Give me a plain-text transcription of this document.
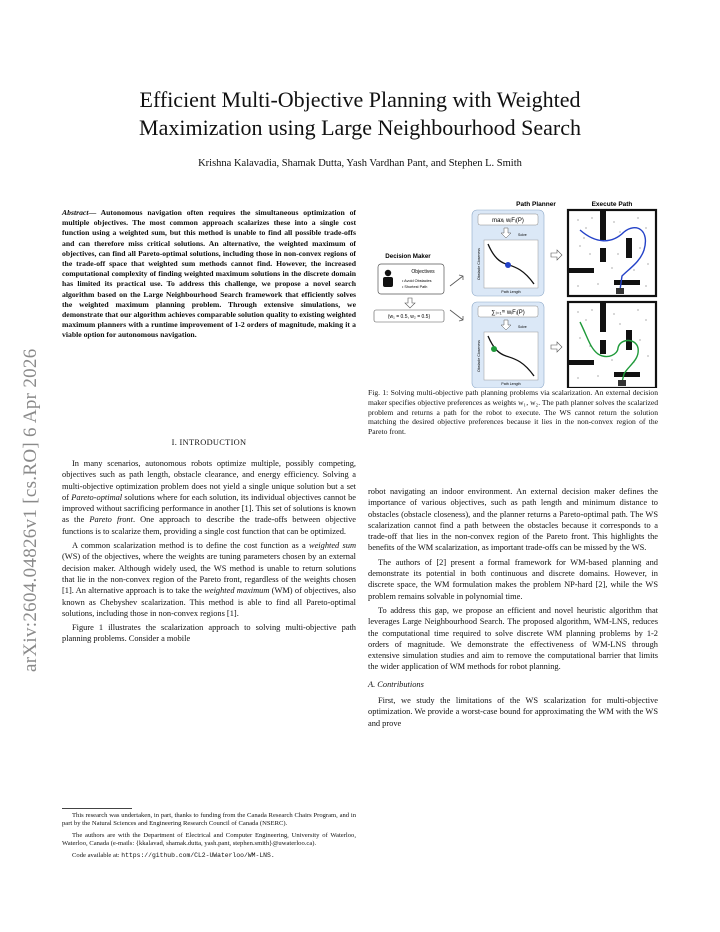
arXiv:2604.04826v1 [cs.RO] 6 Apr 2026
Efficient Multi-Objective Planning with Weighted
Maximization using Large Neighbourhood Search
Krishna Kalavadia, Shamak Dutta, Yash Vardhan Pant, and Stephen L. Smith
Abstract— Autonomous navigation often requires the simultaneous optimization of multiple objectives. The most common approach scalarizes these into a single cost function using a weighted sum, but this method is unable to find all possible trade-offs and can therefore miss critical solutions. An alternative, the weighted maximum of objectives, can find all Pareto-optimal solutions, including those in non-convex regions of the trade-off space that weighted sum methods cannot find. However, the increased computational complexity of finding weighted maximum solutions in the discrete domain has limited its practical use. To address this challenge, we propose a novel search algorithm based on the Large Neighbourhood Search framework that efficiently solves the weighted maximum planning problem. Through extensive simulations, we demonstrate that our algorithm achieves comparable solution quality to existing weighted maximum planners with a runtime improvement of 1-2 orders of magnitude, making it a viable option for autonomous navigation.
I. INTRODUCTION

In many scenarios, autonomous robots optimize multiple, possibly competing, objectives such as path length, obstacle clearance, and energy efficiency. Solving a multi-objective optimization problem does not yield a single unique solution but a set of Pareto-optimal solutions where for each solution, its individual objectives cannot be improved without sacrificing performance in another [1]. This set of solutions is known as the Pareto front. One approach to describe the trade-offs between objective functions is to scalarize them, providing a single cost function that can be optimized.

A common scalarization method is to define the cost function as a weighted sum (WS) of the objectives, where the weights are tuning parameters chosen by an external decision maker. Although widely used, the WS method is unable to return solutions that lie in the non-convex region of the Pareto front, regardless of the weights chosen [1]. An alternative approach is to take the weighted maximum (WM) of objectives, also known as Chebyshev scalarization. This method is able to find all Pareto-optimal solutions, including those in non-convex regions [1].

Figure 1 illustrates the scalarization approach to solving multi-objective path planning problems. Consider a mobile

This research was undertaken, in part, thanks to funding from the Canada Research Chairs Program, and in part by the Natural Sciences and Engineering Research Council of Canada (NSERC).
The authors are with the Department of Electrical and Computer Engineering, University of Waterloo, Waterloo, Canada (e-mails: {kkalavad, shamak.dutta, yash.pant, stephen.smith}@uwaterloo.ca).
Code available at: https://github.com/CL2-UWaterloo/WM-LNS.
Path Planner	Execute Path
Decision Maker
Objectives
• Avoid Obstacles
• Shortest Path
(w₁ = 0.5, w₂ = 0.5)
maxᵢ wᵢFᵢ(P)
Solve
Obstacle Closeness
Path Length
∑ᵢ₌₁ᵐ wᵢFᵢ(P)
Solve
Obstacle Closeness
Path Length
Fig. 1: Solving multi-objective path planning problems via scalarization. An external decision maker specifies objective preferences as weights w₁, w₂. The path planner solves the scalarized problem and returns a path for the robot to execute. The WS cannot return the solution matching the desired objective preferences because it lies in the non-convex region of the Pareto front.

robot navigating an indoor environment. An external decision maker defines the importance of various objectives, such as path length and minimum distance to obstacles (obstacle closeness), and the planner returns a Pareto-optimal path. The WS scalarization cannot find a path between the obstacles because it corresponds to a trade-off that lies in the non-convex region of the Pareto front. This highlights the benefits of the WM scalarization, as important trade-offs can be missed by the WS.

The authors of [2] present a formal framework for WM-based planning and demonstrate its potential in both continuous and discrete domains. However, in discrete space, the WM formulation makes the problem NP-hard [2], while the WS problem remains solvable in polynomial time.

To address this gap, we propose an efficient and novel heuristic algorithm that leverages Large Neighbourhood Search. The proposed algorithm, WM-LNS, reduces the computational time required to solve discrete WM planning problems by 1-2 orders of magnitude. We demonstrate the effectiveness of WM-LNS through extensive simulation studies and aim to remove the computational barrier that limits the wider application of WM methods for robot planning.

A. Contributions

First, we study the limitations of the WS scalarization for multi-objective optimization. We provide a worst-case bound for approximating the WM with the WS and prove
